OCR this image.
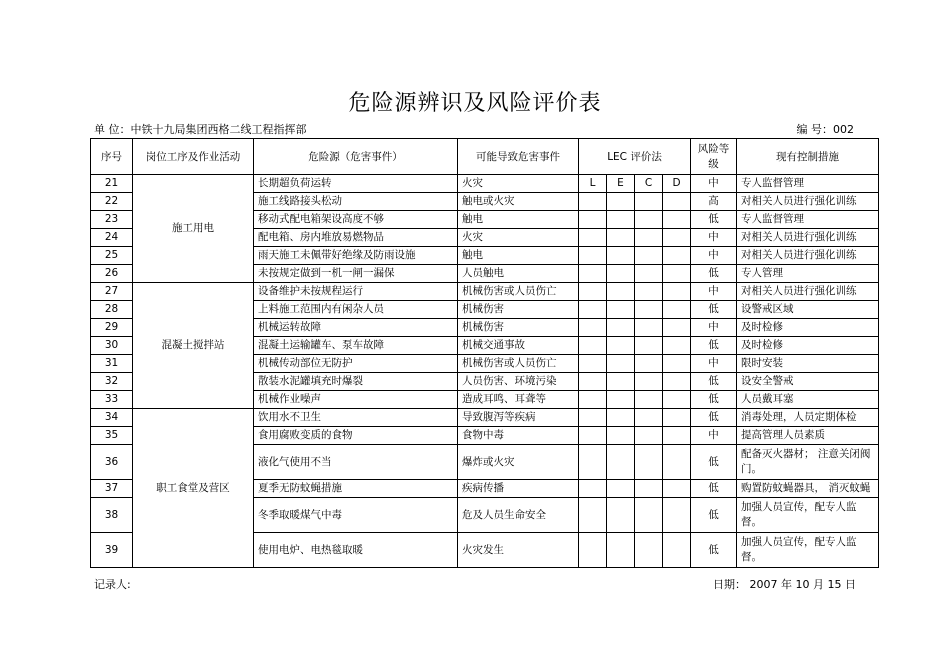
危险源辨识及风险评价表
单 位：中铁十九局集团西格二线工程指挥部	编 号：002
序号	岗位工序及作业活动	危险源（危害事件）	可能导致危害事件	LEC 评价法				风险等级	现有控制措施
21	施工用电	长期超负荷运转	火灾	L	E	C	D	中	专人监督管理
22		施工线路接头松动	触电或火灾					高	对相关人员进行强化训练
23		移动式配电箱架设高度不够	触电					低	专人监督管理
24		配电箱、房内堆放易燃物品	火灾					中	对相关人员进行强化训练
25		雨天施工未佩带好绝缘及防雨设施	触电					中	对相关人员进行强化训练
26		未按规定做到一机一闸一漏保	人员触电					低	专人管理
27	混凝土搅拌站	设备维护未按规程运行	机械伤害或人员伤亡					中	对相关人员进行强化训练
28		上料施工范围内有闲杂人员	机械伤害					低	设警戒区域
29		机械运转故障	机械伤害					中	及时检修
30		混凝土运输罐车、泵车故障	机械交通事故					低	及时检修
31		机械传动部位无防护	机械伤害或人员伤亡					中	限时安装
32		散装水泥罐填充时爆裂	人员伤害、环境污染					低	设安全警戒
33		机械作业噪声	造成耳鸣、耳聋等					低	人员戴耳塞
34	职工食堂及营区	饮用水不卫生	导致腹泻等疾病					低	消毒处理，人员定期体检
35		食用腐败变质的食物	食物中毒					中	提高管理人员素质
36		液化气使用不当	爆炸或火灾					低	配备灭火器材； 注意关闭阀门。
37		夏季无防蚊蝇措施	疾病传播					低	购置防蚊蝇器具， 消灭蚊蝇
38		冬季取暖煤气中毒	危及人员生命安全					低	加强人员宣传，配专人监督。
39		使用电炉、电热毯取暖	火灾发生					低	加强人员宣传，配专人监督。
记录人:	日期： 2007 年 10 月 15 日
